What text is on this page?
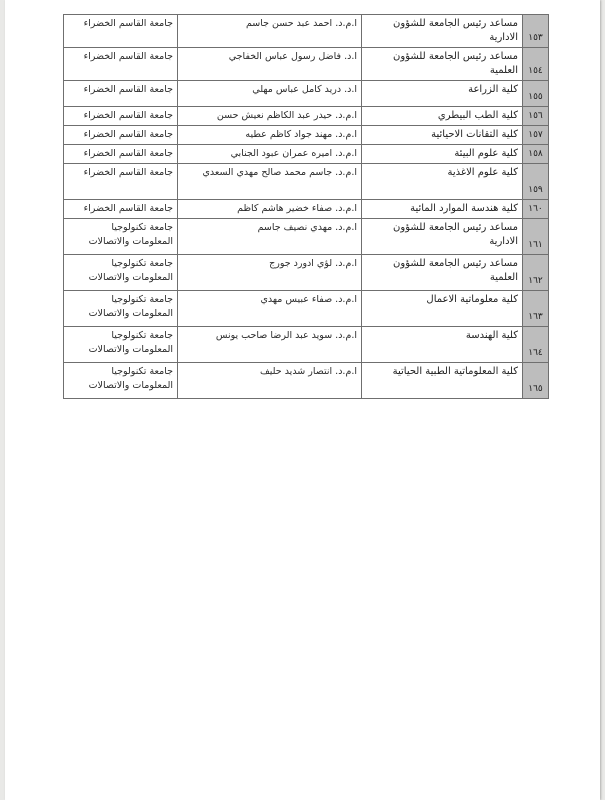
١٥٣	مساعد رئيس الجامعة للشؤون الادارية	ا.م.د. احمد عبد حسن جاسم	جامعة القاسم الخضراء
١٥٤	مساعد رئيس الجامعة للشؤون العلمية	ا.د. فاضل رسول عباس الخفاجي	جامعة القاسم الخضراء
١٥٥	كلية الزراعة	ا.د. دريد كامل عباس مهلي	جامعة القاسم الخضراء
١٥٦	كلية الطب البيطري	ا.م.د. حيدر عبد الكاظم نعيش حسن	جامعة القاسم الخضراء
١٥٧	كلية التقانات الاحيائية	ا.م.د. مهند جواد كاظم عطيه	جامعة القاسم الخضراء
١٥٨	كلية علوم البيئة	ا.م.د. اميره عمران عبود الجنابي	جامعة القاسم الخضراء
١٥٩	كلية علوم الاغذية	ا.م.د. جاسم محمد صالح مهدي السعدي	جامعة القاسم الخضراء
١٦٠	كلية هندسة الموارد المائية	ا.م.د. صفاء خضير هاشم كاظم	جامعة القاسم الخضراء
١٦١	مساعد رئيس الجامعة للشؤون الادارية	ا.م.د. مهدي نصيف جاسم	جامعة تكنولوجيا المعلومات والاتصالات
١٦٢	مساعد رئيس الجامعة للشؤون العلمية	ا.م.د. لؤي ادورد جورج	جامعة تكنولوجيا المعلومات والاتصالات
١٦٣	كلية معلوماتية الاعمال	ا.م.د. صفاء عبيس مهدي	جامعة تكنولوجيا المعلومات والاتصالات
١٦٤	كلية الهندسة	ا.م.د. سويد عبد الرضا صاحب يونس	جامعة تكنولوجيا المعلومات والاتصالات
١٦٥	كلية المعلوماتية الطبية الحياتية	ا.م.د. انتصار شديد حليف	جامعة تكنولوجيا المعلومات والاتصالات
